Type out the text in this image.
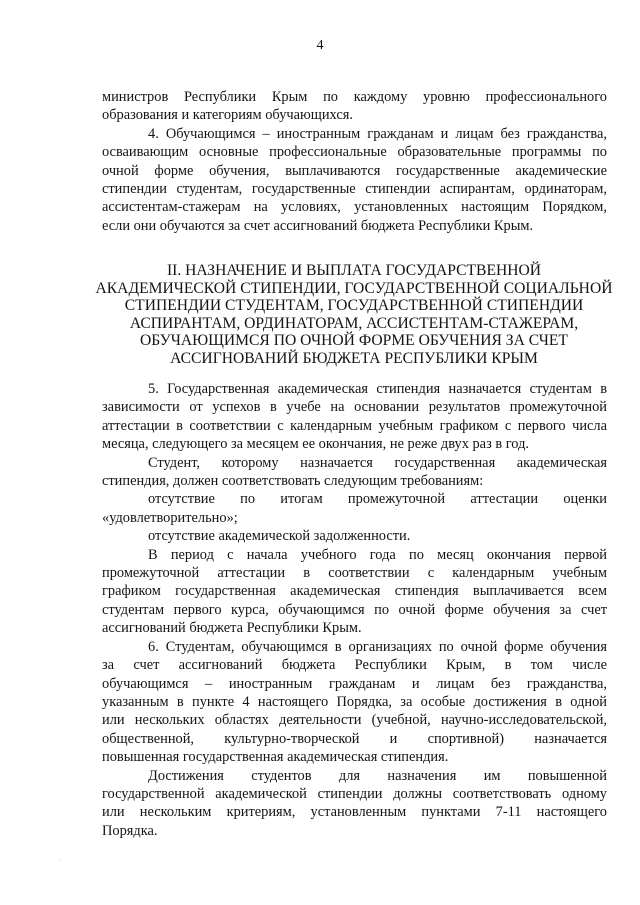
4
министров Республики Крым по каждому уровню профессионального
образования и категориям обучающихся.
4. Обучающимся – иностранным гражданам и лицам без гражданства,
осваивающим основные профессиональные образовательные программы по
очной форме обучения, выплачиваются государственные академические
стипендии студентам, государственные стипендии аспирантам, ординаторам,
ассистентам-стажерам на условиях, установленных настоящим Порядком,
если они обучаются за счет ассигнований бюджета Республики Крым.
II. НАЗНАЧЕНИЕ И ВЫПЛАТА ГОСУДАРСТВЕННОЙ
АКАДЕМИЧЕСКОЙ СТИПЕНДИИ, ГОСУДАРСТВЕННОЙ СОЦИАЛЬНОЙ
СТИПЕНДИИ СТУДЕНТАМ, ГОСУДАРСТВЕННОЙ СТИПЕНДИИ
АСПИРАНТАМ, ОРДИНАТОРАМ, АССИСТЕНТАМ-СТАЖЕРАМ,
ОБУЧАЮЩИМСЯ ПО ОЧНОЙ ФОРМЕ ОБУЧЕНИЯ ЗА СЧЕТ
АССИГНОВАНИЙ БЮДЖЕТА РЕСПУБЛИКИ КРЫМ
5. Государственная академическая стипендия назначается студентам в
зависимости от успехов в учебе на основании результатов промежуточной
аттестации в соответствии с календарным учебным графиком с первого числа
месяца, следующего за месяцем ее окончания, не реже двух раз в год.
Студент, которому назначается государственная академическая
стипендия, должен соответствовать следующим требованиям:
отсутствие по итогам промежуточной аттестации оценки
«удовлетворительно»;
отсутствие академической задолженности.
В период с начала учебного года по месяц окончания первой
промежуточной аттестации в соответствии с календарным учебным
графиком государственная академическая стипендия выплачивается всем
студентам первого курса, обучающимся по очной форме обучения за счет
ассигнований бюджета Республики Крым.
6. Студентам, обучающимся в организациях по очной форме обучения
за счет ассигнований бюджета Республики Крым, в том числе
обучающимся – иностранным гражданам и лицам без гражданства,
указанным в пункте 4 настоящего Порядка, за особые достижения в одной
или нескольких областях деятельности (учебной, научно-исследовательской,
общественной, культурно-творческой и спортивной) назначается
повышенная государственная академическая стипендия.
Достижения студентов для назначения им повышенной
государственной академической стипендии должны соответствовать одному
или нескольким критериям, установленным пунктами 7-11 настоящего
Порядка.
